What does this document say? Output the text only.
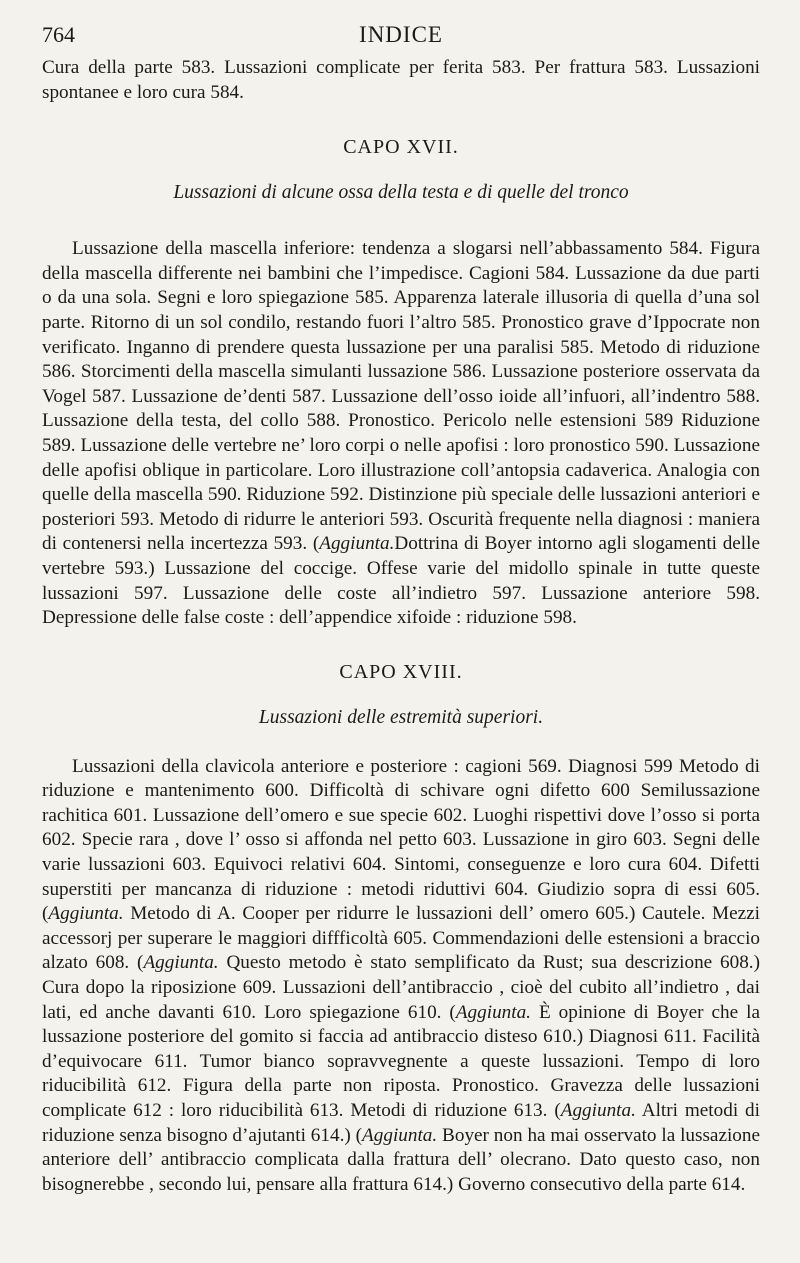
764	INDICE

Cura della parte 583. Lussazioni complicate per ferita 583. Per frattura 583. Lussazioni spontanee e loro cura 584.

CAPO XVII.
Lussazioni di alcune ossa della testa e di quelle del tronco

Lussazione della mascella inferiore: tendenza a slogarsi nell’abbassamento 584. Figura della mascella differente nei bambini che l’impedisce. Cagioni 584. Lussazione da due parti o da una sola. Segni e loro spiegazione 585. Apparenza laterale illusoria di quella d’una sol parte. Ritorno di un sol condilo, restando fuori l’altro 585. Pronostico grave d’Ippocrate non verificato. Inganno di prendere questa lussazione per una paralisi 585. Metodo di riduzione 586. Storcimenti della mascella simulanti lussazione 586. Lussazione posteriore osservata da Vogel 587. Lussazione de’denti 587. Lussazione dell’osso ioide all’infuori, all’indentro 588. Lussazione della testa, del collo 588. Pronostico. Pericolo nelle estensioni 589 Riduzione 589. Lussazione delle vertebre ne’ loro corpi o nelle apofisi : loro pronostico 590. Lussazione delle apofisi oblique in particolare. Loro illustrazione coll’antopsia cadaverica. Analogia con quelle della mascella 590. Riduzione 592. Distinzione più speciale delle lussazioni anteriori e posteriori 593. Metodo di ridurre le anteriori 593. Oscurità frequente nella diagnosi : maniera di contenersi nella incertezza 593. (Aggiunta.Dottrina di Boyer intorno agli slogamenti delle vertebre 593.) Lussazione del coccige. Offese varie del midollo spinale in tutte queste lussazioni 597. Lussazione delle coste all’indietro 597. Lussazione anteriore 598. Depressione delle false coste : dell’appendice xifoide : riduzione 598.

CAPO XVIII.
Lussazioni delle estremità superiori.

Lussazioni della clavicola anteriore e posteriore : cagioni 569. Diagnosi 599 Metodo di riduzione e mantenimento 600. Difficoltà di schivare ogni difetto 600 Semilussazione rachitica 601. Lussazione dell’omero e sue specie 602. Luoghi rispettivi dove l’osso si porta 602. Specie rara , dove l’ osso si affonda nel petto 603. Lussazione in giro 603. Segni delle varie lussazioni 603. Equivoci relativi 604. Sintomi, conseguenze e loro cura 604. Difetti superstiti per mancanza di riduzione : metodi riduttivi 604. Giudizio sopra di essi 605. (Aggiunta. Metodo di A. Cooper per ridurre le lussazioni dell’ omero 605.) Cautele. Mezzi accessorj per superare le maggiori diffficoltà 605. Commendazioni delle estensioni a braccio alzato 608. (Aggiunta. Questo metodo è stato semplificato da Rust; sua descrizione 608.) Cura dopo la riposizione 609. Lussazioni dell’antibraccio , cioè del cubito all’indietro , dai lati, ed anche davanti 610. Loro spiegazione 610. (Aggiunta. È opinione di Boyer che la lussazione posteriore del gomito si faccia ad antibraccio disteso 610.) Diagnosi 611. Facilità d’equivocare 611. Tumor bianco sopravvegnente a queste lussazioni. Tempo di loro riducibilità 612. Figura della parte non riposta. Pronostico. Gravezza delle lussazioni complicate 612 : loro riducibilità 613. Metodi di riduzione 613. (Aggiunta. Altri metodi di riduzione senza bisogno d’ajutanti 614.) (Aggiunta. Boyer non ha mai osservato la lussazione anteriore dell’ antibraccio complicata dalla frattura dell’ olecrano. Dato questo caso, non bisognerebbe , secondo lui, pensare alla frattura 614.) Governo consecutivo della parte 614.
